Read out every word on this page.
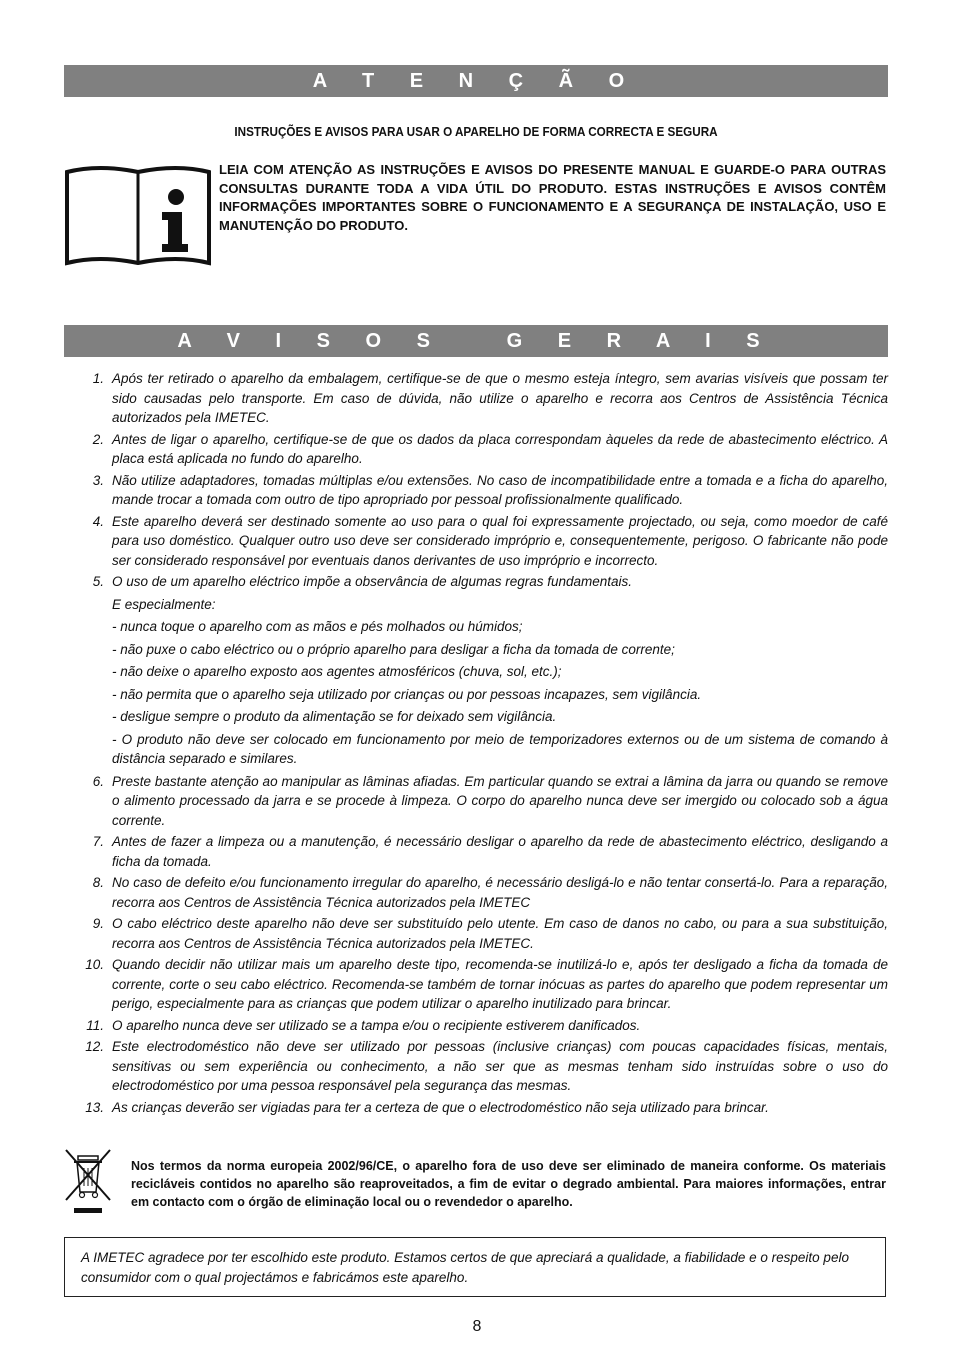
A T E N Ç Ã O
INSTRUÇÕES E AVISOS PARA USAR O APARELHO DE FORMA CORRECTA E SEGURA
LEIA COM ATENÇÃO AS INSTRUÇÕES E AVISOS DO PRESENTE MANUAL E GUARDE-O PARA OUTRAS CONSULTAS DURANTE TODA A VIDA ÚTIL DO PRODUTO. ESTAS INSTRUÇÕES E AVISOS CONTÊM INFORMAÇÕES IMPORTANTES SOBRE O FUNCIONAMENTO E A SEGURANÇA DE INSTALAÇÃO, USO E MANUTENÇÃO DO PRODUTO.
A V I S O S   G E R A I S
1. Após ter retirado o aparelho da embalagem, certifique-se de que o mesmo esteja íntegro, sem avarias visíveis que possam ter sido causadas pelo transporte. Em caso de dúvida, não utilize o aparelho e recorra aos Centros de Assistência Técnica autorizados pela IMETEC.
2. Antes de ligar o aparelho, certifique-se de que os dados da placa correspondam àqueles da rede de abastecimento eléctrico. A placa está aplicada no fundo do aparelho.
3. Não utilize adaptadores, tomadas múltiplas e/ou extensões. No caso de incompatibilidade entre a tomada e a ficha do aparelho, mande trocar a tomada com outro de tipo apropriado por pessoal profissionalmente qualificado.
4. Este aparelho deverá ser destinado somente ao uso para o qual foi expressamente projectado, ou seja, como moedor de café para uso doméstico. Qualquer outro uso deve ser considerado impróprio e, consequentemente, perigoso. O fabricante não pode ser considerado responsável por eventuais danos derivantes de uso impróprio e incorrecto.
5. O uso de um aparelho eléctrico impõe a observância de algumas regras fundamentais.
E especialmente:
- nunca toque o aparelho com as mãos e pés molhados ou húmidos;
- não puxe o cabo eléctrico ou o próprio aparelho para desligar a ficha da tomada de corrente;
- não deixe o aparelho exposto aos agentes atmosféricos (chuva, sol, etc.);
- não permita que o aparelho seja utilizado por crianças ou por pessoas incapazes, sem vigilância.
- desligue sempre o produto da alimentação se for deixado sem vigilância.
- O produto não deve ser colocado em funcionamento por meio de temporizadores externos ou de um sistema de comando à distância separado e similares.
6. Preste bastante atenção ao manipular as lâminas afiadas. Em particular quando se extrai a lâmina da jarra ou quando se remove o alimento processado da jarra e se procede à limpeza. O corpo do aparelho nunca deve ser imergido ou colocado sob a água corrente.
7. Antes de fazer a limpeza ou a manutenção, é necessário desligar o aparelho da rede de abastecimento eléctrico, desligando a ficha da tomada.
8. No caso de defeito e/ou funcionamento irregular do aparelho, é necessário desligá-lo e não tentar consertá-lo. Para a reparação, recorra aos Centros de Assistência Técnica autorizados pela IMETEC
9. O cabo eléctrico deste aparelho não deve ser substituído pelo utente. Em caso de danos no cabo, ou para a sua substituição, recorra aos Centros de Assistência Técnica autorizados pela IMETEC.
10. Quando decidir não utilizar mais um aparelho deste tipo, recomenda-se inutilizá-lo e, após ter desligado a ficha da tomada de corrente, corte o seu cabo eléctrico. Recomenda-se também de tornar inócuas as partes do aparelho que podem representar um perigo, especialmente para as crianças que podem utilizar o aparelho inutilizado para brincar.
11. O aparelho nunca deve ser utilizado se a tampa e/ou o recipiente estiverem danificados.
12. Este electrodoméstico não deve ser utilizado por pessoas (inclusive crianças) com poucas capacidades físicas, mentais, sensitivas ou sem experiência ou conhecimento, a não ser que as mesmas tenham sido instruídas sobre o uso do electrodoméstico por uma pessoa responsável pela segurança das mesmas.
13. As crianças deverão ser vigiadas para ter a certeza de que o electrodoméstico não seja utilizado para brincar.
Nos termos da norma europeia 2002/96/CE, o aparelho fora de uso deve ser eliminado de maneira conforme. Os materiais recicláveis contidos no aparelho são reaproveitados, a fim de evitar o degrado ambiental. Para maiores informações, entrar em contacto com o órgão de eliminação local ou o revendedor o aparelho.
A IMETEC agradece por ter escolhido este produto. Estamos certos de que apreciará a qualidade, a fiabilidade e o respeito pelo consumidor com o qual projectámos e fabricámos este aparelho.
8
